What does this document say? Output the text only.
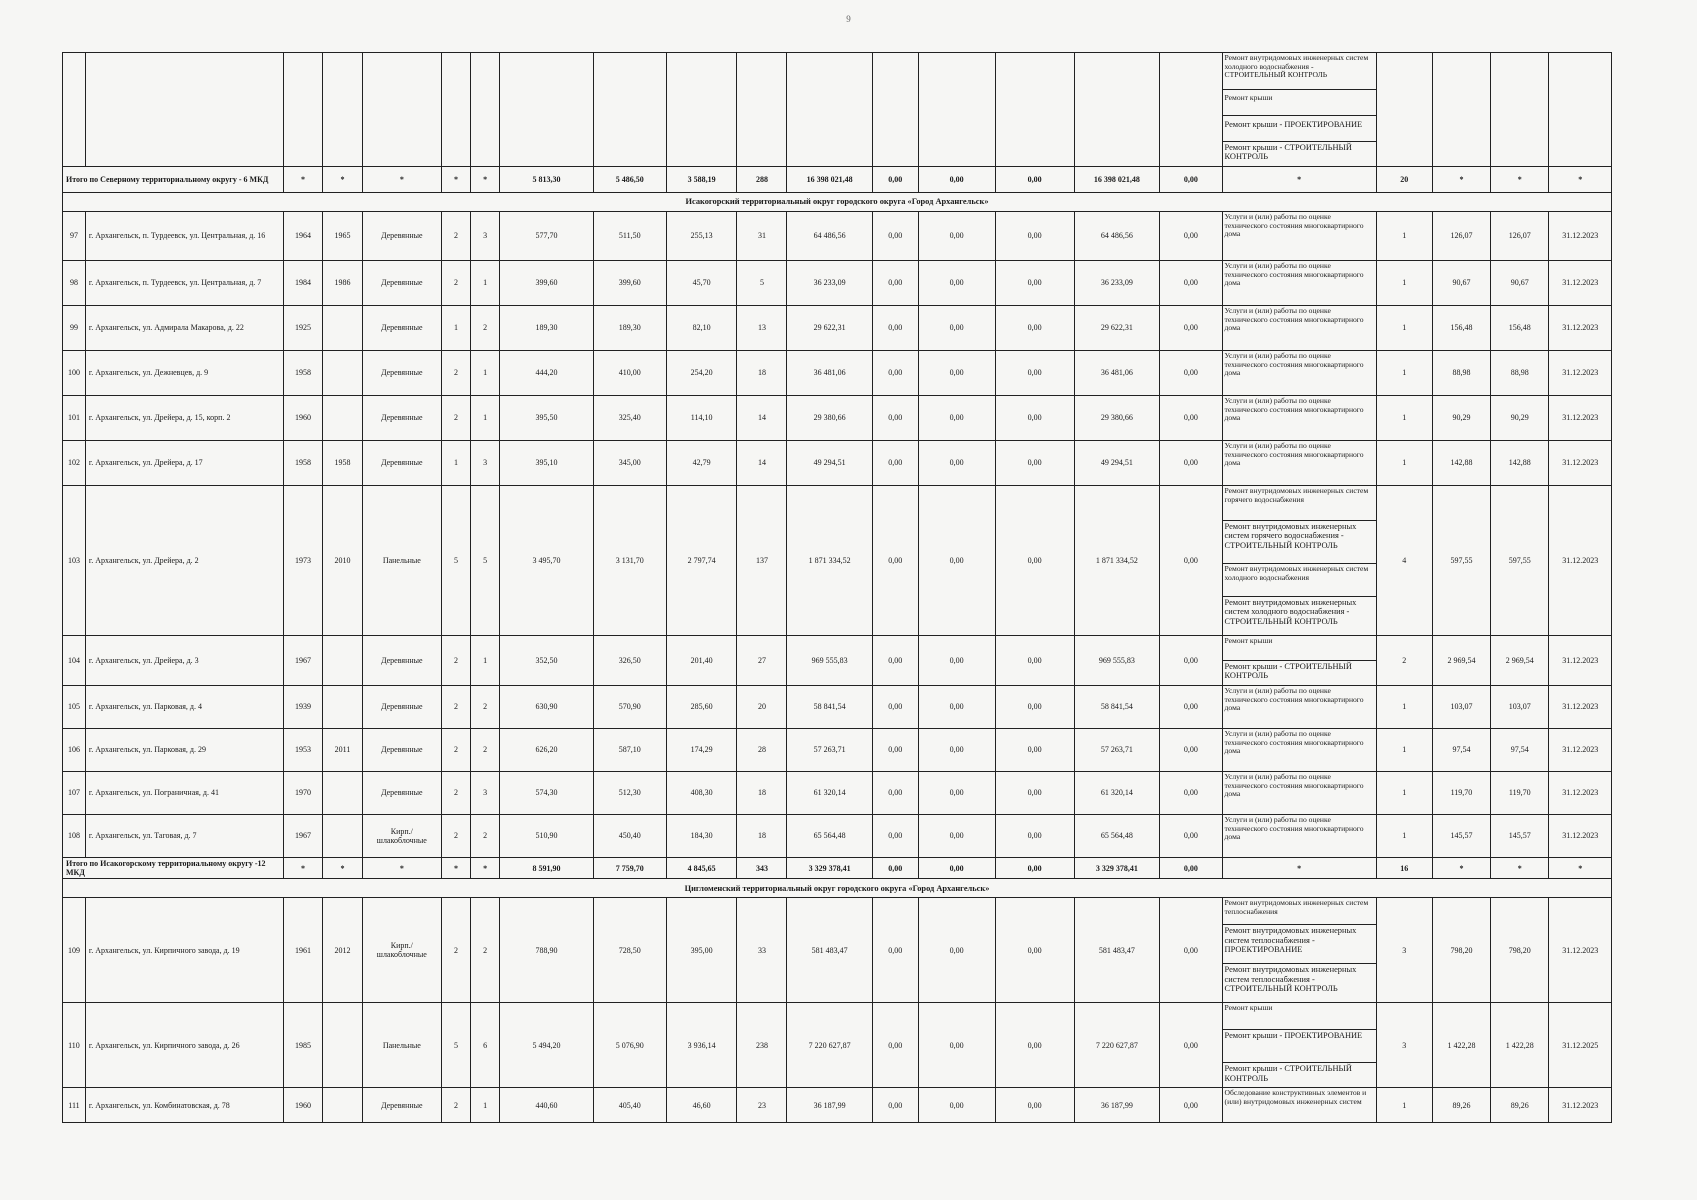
9

																	Ремонт внутридомовых инженерных систем холодного водоснабжения - СТРОИТЕЛЬНЫЙ КОНТРОЛЬ
Ремонт крыши
Ремонт крыши - ПРОЕКТИРОВАНИЕ
Ремонт крыши - СТРОИТЕЛЬНЫЙ КОНТРОЛЬ				

Итого по Северному территориальному округу - 6 МКД		*	*	*	*	*	5 813,30	5 486,50	3 588,19	288	16 398 021,48	0,00	0,00	0,00	16 398 021,48	0,00	*	20	*	*	*
Исакогорский территориальный округ городского округа «Город Архангельск»																					
97	г. Архангельск, п. Турдеевск, ул. Центральная, д. 16	1964	1965	Деревянные	2	3	577,70	511,50	255,13	31	64 486,56	0,00	0,00	0,00	64 486,56	0,00	Услуги и (или) работы по оценке технического состояния многоквартирного дома	1	126,07	126,07	31.12.2023
98	г. Архангельск, п. Турдеевск, ул. Центральная, д. 7	1984	1986	Деревянные	2	1	399,60	399,60	45,70	5	36 233,09	0,00	0,00	0,00	36 233,09	0,00	Услуги и (или) работы по оценке технического состояния многоквартирного дома	1	90,67	90,67	31.12.2023
99	г. Архангельск, ул. Адмирала Макарова, д. 22	1925		Деревянные	1	2	189,30	189,30	82,10	13	29 622,31	0,00	0,00	0,00	29 622,31	0,00	Услуги и (или) работы по оценке технического состояния многоквартирного дома	1	156,48	156,48	31.12.2023
100	г. Архангельск, ул. Дежневцев, д. 9	1958		Деревянные	2	1	444,20	410,00	254,20	18	36 481,06	0,00	0,00	0,00	36 481,06	0,00	Услуги и (или) работы по оценке технического состояния многоквартирного дома	1	88,98	88,98	31.12.2023
101	г. Архангельск, ул. Дрейера, д. 15, корп. 2	1960		Деревянные	2	1	395,50	325,40	114,10	14	29 380,66	0,00	0,00	0,00	29 380,66	0,00	Услуги и (или) работы по оценке технического состояния многоквартирного дома	1	90,29	90,29	31.12.2023
102	г. Архангельск, ул. Дрейера, д. 17	1958	1958	Деревянные	1	3	395,10	345,00	42,79	14	49 294,51	0,00	0,00	0,00	49 294,51	0,00	Услуги и (или) работы по оценке технического состояния многоквартирного дома	1	142,88	142,88	31.12.2023
103	г. Архангельск, ул. Дрейера, д. 2	1973	2010	Панельные	5	5	3 495,70	3 131,70	2 797,74	137	1 871 334,52	0,00	0,00	0,00	1 871 334,52	0,00	Ремонт внутридомовых инженерных систем горячего водоснабжения
Ремонт внутридомовых инженерных систем горячего водоснабжения - СТРОИТЕЛЬНЫЙ КОНТРОЛЬ
Ремонт внутридомовых инженерных систем холодного водоснабжения
Ремонт внутридомовых инженерных систем холодного водоснабжения - СТРОИТЕЛЬНЫЙ КОНТРОЛЬ	4	597,55	597,55	31.12.2023
104	г. Архангельск, ул. Дрейера, д. 3	1967		Деревянные	2	1	352,50	326,50	201,40	27	969 555,83	0,00	0,00	0,00	969 555,83	0,00	Ремонт крыши
Ремонт крыши - СТРОИТЕЛЬНЫЙ КОНТРОЛЬ	2	2 969,54	2 969,54	31.12.2023
105	г. Архангельск, ул. Парковая, д. 4	1939		Деревянные	2	2	630,90	570,90	285,60	20	58 841,54	0,00	0,00	0,00	58 841,54	0,00	Услуги и (или) работы по оценке технического состояния многоквартирного дома	1	103,07	103,07	31.12.2023
106	г. Архангельск, ул. Парковая, д. 29	1953	2011	Деревянные	2	2	626,20	587,10	174,29	28	57 263,71	0,00	0,00	0,00	57 263,71	0,00	Услуги и (или) работы по оценке технического состояния многоквартирного дома	1	97,54	97,54	31.12.2023
107	г. Архангельск, ул. Пограничная, д. 41	1970		Деревянные	2	3	574,30	512,30	408,30	18	61 320,14	0,00	0,00	0,00	61 320,14	0,00	Услуги и (или) работы по оценке технического состояния многоквартирного дома	1	119,70	119,70	31.12.2023
108	г. Архангельск, ул. Таговая, д. 7	1967		Кирп./ шлакоблочные	2	2	510,90	450,40	184,30	18	65 564,48	0,00	0,00	0,00	65 564,48	0,00	Услуги и (или) работы по оценке технического состояния многоквартирного дома	1	145,57	145,57	31.12.2023
Итого по Исакогорскому территориальному округу -12 МКД		*	*	*	*	*	8 591,90	7 759,70	4 845,65	343	3 329 378,41	0,00	0,00	0,00	3 329 378,41	0,00	*	16	*	*	*
Цигломенский территориальный округ городского округа «Город Архангельск»																					
109	г. Архангельск, ул. Кирпичного завода, д. 19	1961	2012	Кирп./ шлакоблочные	2	2	788,90	728,50	395,00	33	581 483,47	0,00	0,00	0,00	581 483,47	0,00	Ремонт внутридомовых инженерных систем теплоснабжения
Ремонт внутридомовых инженерных систем теплоснабжения - ПРОЕКТИРОВАНИЕ
Ремонт внутридомовых инженерных систем теплоснабжения - СТРОИТЕЛЬНЫЙ КОНТРОЛЬ	3	798,20	798,20	31.12.2023
110	г. Архангельск, ул. Кирпичного завода, д. 26	1985		Панельные	5	6	5 494,20	5 076,90	3 936,14	238	7 220 627,87	0,00	0,00	0,00	7 220 627,87	0,00	Ремонт крыши
Ремонт крыши - ПРОЕКТИРОВАНИЕ
Ремонт крыши - СТРОИТЕЛЬНЫЙ КОНТРОЛЬ	3	1 422,28	1 422,28	31.12.2025
111	г. Архангельск, ул. Комбинатовская, д. 78	1960		Деревянные	2	1	440,60	405,40	46,60	23	36 187,99	0,00	0,00	0,00	36 187,99	0,00	Обследование конструктивных элементов и (или) внутридомовых инженерных систем	1	89,26	89,26	31.12.2023
